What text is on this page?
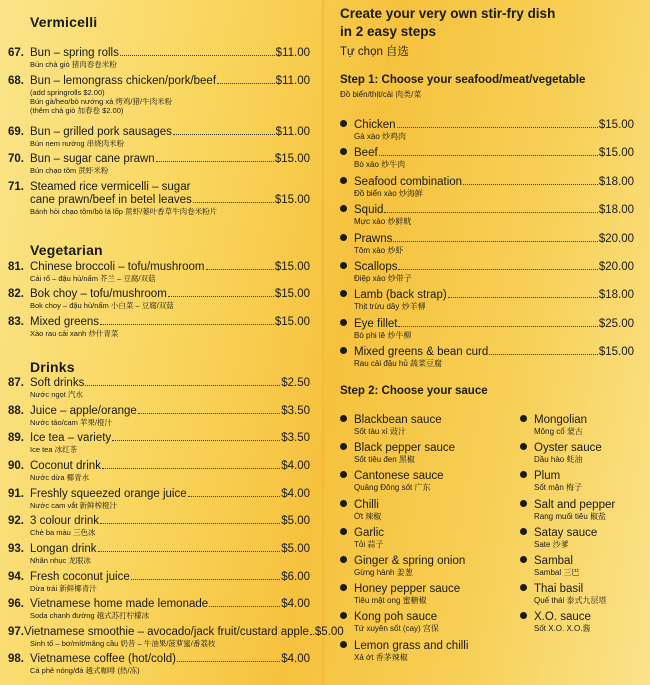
Vermicelli
67. Bun – spring rolls	$11.00
Bún chả giò 猪肉春卷米粉
68. Bun – lemongrass chicken/pork/beef	$11.00
(add springrolls $2.00)
Bún gà/heo/bò nướng xả 烤鸡/猪/牛肉米粉
(thêm chả giò 加春卷 $2.00)
69. Bun – grilled pork sausages	$11.00
Bún nem nướng 串烧肉米粉
70. Bun – sugar cane prawn	$15.00
Bún chạo tôm 蔗虾米粉
71. Steamed rice vermicelli – sugar
cane prawn/beef in betel leaves	$15.00
Bánh hỏi chạo tôm/bò lá lốp 蔗虾/蒌叶香草牛肉卷米粉片
Vegetarian
81. Chinese broccoli – tofu/mushroom	$15.00
Cải rổ – đậu hủ/nấm 芥兰 – 豆腐/双菇
82. Bok choy – tofu/mushroom	$15.00
Bok choy – đậu hủ/nấm 小白菜 – 豆腐/双菇
83. Mixed greens	$15.00
Xào rau cải xanh 炒什青菜
Drinks
87. Soft drinks	$2.50
Nước ngọt 汽水
88. Juice – apple/orange	$3.50
Nước táo/cam 苹果/橙汁
89. Ice tea – variety	$3.50
Ice tea 冰红茶
90. Coconut drink	$4.00
Nước dừa 椰青水
91. Freshly squeezed orange juice	$4.00
Nước cam vắt 新鲜榨橙汁
92. 3 colour drink	$5.00
Chè ba màu 三色冰
93. Longan drink	$5.00
Nhãn nhục 龙眼冰
94. Fresh coconut juice	$6.00
Dừa trái 新鲜椰青汁
96. Vietnamese home made lemonade	$4.00
Soda chanh đường 越式苏打柠檬冰
97. Vietnamese smoothie – avocado/jack fruit/custard apple $5.00
Sinh tố – bơ/mít/mãng cầu 奶昔 – 牛油果/菠萝蜜/番荔枝
98. Vietnamese coffee (hot/cold)	$4.00
Cà phê nóng/đá 越式咖啡 (热/冻)
Create your very own stir-fry dish
in 2 easy steps
Tự chọn 自选
Step 1: Choose your seafood/meat/vegetable
Đồ biển/thịt/cải 肉类/菜
Chicken	$15.00
Gà xào 炒鸡肉
Beef	$15.00
Bò xào 炒牛肉
Seafood combination	$18.00
Đồ biển xào 炒海鲜
Squid	$18.00
Mực xào 炒鲜鱿
Prawns	$20.00
Tôm xào 炒虾
Scallops	$20.00
Điệp xào 炒带子
Lamb (back strap)	$18.00
Thịt trừu dây 炒羊柳
Eye fillet	$25.00
Bò phi lê 炒牛柳
Mixed greens & bean curd	$15.00
Rau cải đậu hủ 蔬菜豆腐
Step 2: Choose your sauce
Blackbean sauce
Sốt tàu xì 豉汁
Black pepper sauce
Sốt tiêu đen 黑椒
Cantonese sauce
Quảng Đông sốt 广东
Chilli
Ớt 辣椒
Garlic
Tỏi 蒜子
Ginger & spring onion
Gừng hành 姜葱
Honey pepper sauce
Tiêu mật ong 蜜糖椒
Kong poh sauce
Tứ xuyên sốt (cay) 宫保
Lemon grass and chilli
Xả ớt 香茅辣椒
Mongolian
Mông cổ 蒙古
Oyster sauce
Dầu hào 蚝油
Plum
Sốt mận 梅子
Salt and pepper
Rang muối tiêu 椒盐
Satay sauce
Sate 沙爹
Sambal
Sambal 三巴
Thai basil
Quế thái 泰式九层塔
X.O. sauce
Sốt X.O. X.O.酱
